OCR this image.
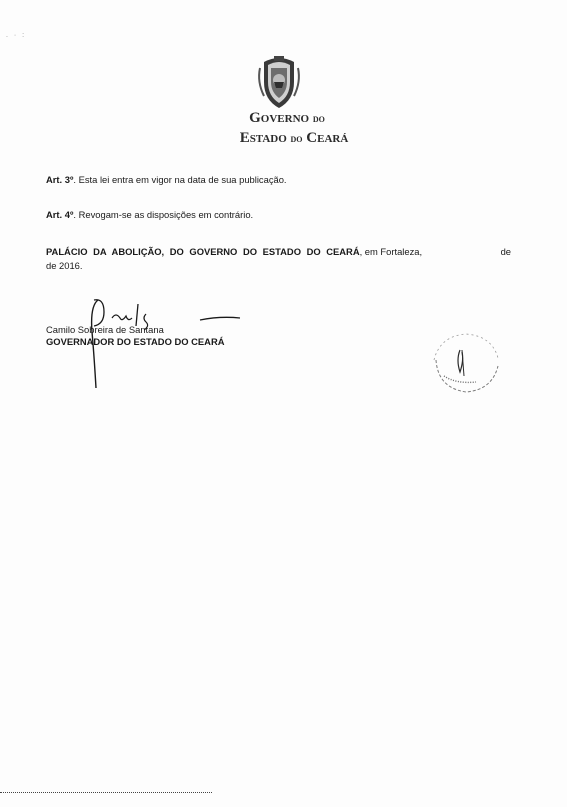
. · :
Governo do
Estado do Ceará
Art. 3º. Esta lei entra em vigor na data de sua publicação.
Art. 4º. Revogam-se as disposições em contrário.
PALÁCIO DA ABOLIÇÃO, DO GOVERNO DO ESTADO DO CEARÁ, em Fortaleza,	de
de 2016.
Camilo Sobreira de Santana
GOVERNADOR DO ESTADO DO CEARÁ
